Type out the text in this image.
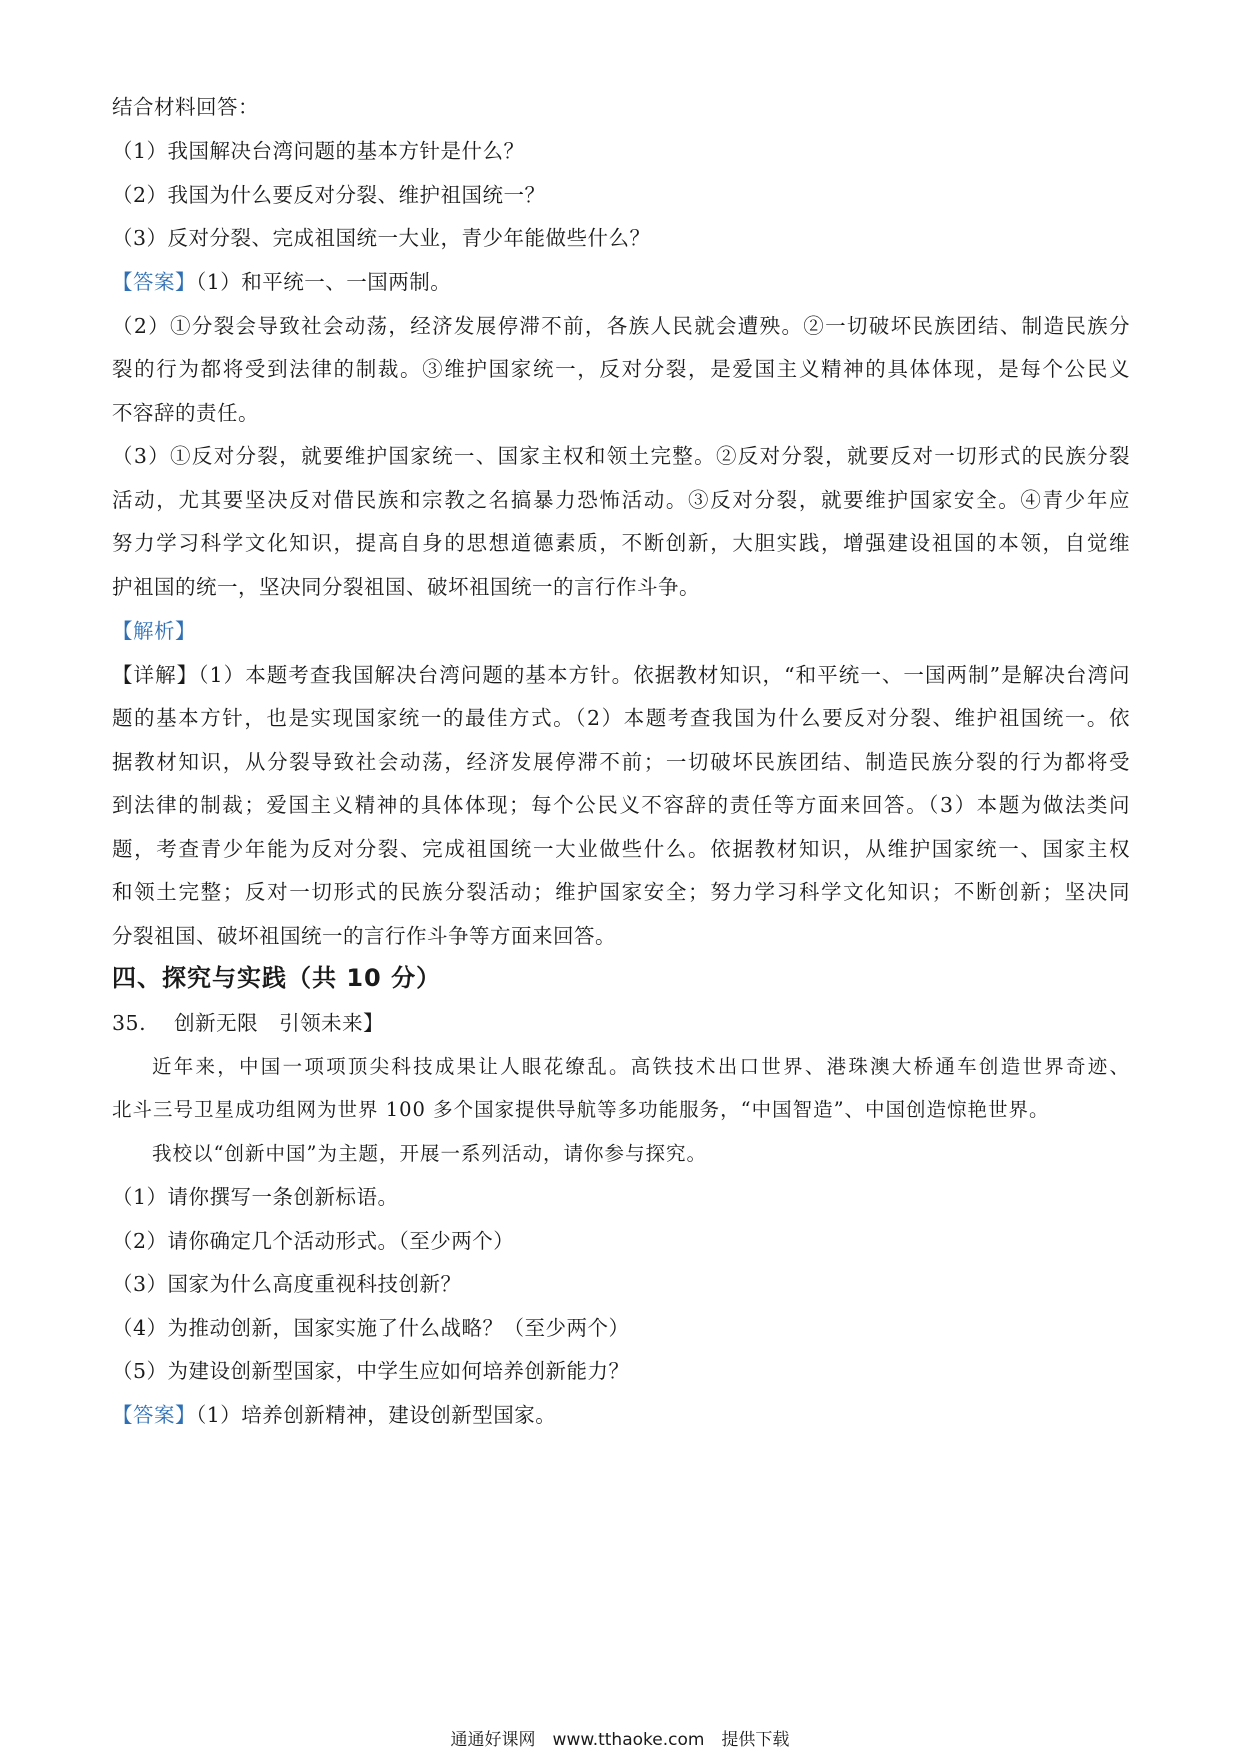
结合材料回答：
（1）我国解决台湾问题的基本方针是什么？
（2）我国为什么要反对分裂、维护祖国统一？
（3）反对分裂、完成祖国统一大业，青少年能做些什么？
【答案】（1）和平统一、一国两制。
（2）①分裂会导致社会动荡，经济发展停滞不前，各族人民就会遭殃。②一切破坏民族团结、制造民族分
裂的行为都将受到法律的制裁。③维护国家统一，反对分裂，是爱国主义精神的具体体现，是每个公民义
不容辞的责任。
（3）①反对分裂，就要维护国家统一、国家主权和领土完整。②反对分裂，就要反对一切形式的民族分裂
活动，尤其要坚决反对借民族和宗教之名搞暴力恐怖活动。③反对分裂，就要维护国家安全。④青少年应
努力学习科学文化知识，提高自身的思想道德素质，不断创新，大胆实践，增强建设祖国的本领，自觉维
护祖国的统一，坚决同分裂祖国、破坏祖国统一的言行作斗争。
【解析】
【详解】（1）本题考查我国解决台湾问题的基本方针。依据教材知识，“和平统一、一国两制”是解决台湾问
题的基本方针，也是实现国家统一的最佳方式。（2）本题考查我国为什么要反对分裂、维护祖国统一。依
据教材知识，从分裂导致社会动荡，经济发展停滞不前；一切破坏民族团结、制造民族分裂的行为都将受
到法律的制裁；爱国主义精神的具体体现；每个公民义不容辞的责任等方面来回答。（3）本题为做法类问
题，考查青少年能为反对分裂、完成祖国统一大业做些什么。依据教材知识，从维护国家统一、国家主权
和领土完整；反对一切形式的民族分裂活动；维护国家安全；努力学习科学文化知识；不断创新；坚决同
分裂祖国、破坏祖国统一的言行作斗争等方面来回答。
四、探究与实践（共 10 分）
35.　 创新无限　引领未来】
近年来，中国一项项顶尖科技成果让人眼花缭乱。高铁技术出口世界、港珠澳大桥通车创造世界奇迹、
北斗三号卫星成功组网为世界 100 多个国家提供导航等多功能服务，“中国智造”、中国创造惊艳世界。
我校以“创新中国”为主题，开展一系列活动，请你参与探究。
（1）请你撰写一条创新标语。
（2）请你确定几个活动形式。（至少两个）
（3）国家为什么高度重视科技创新？
（4）为推动创新，国家实施了什么战略？（至少两个）
（5）为建设创新型国家，中学生应如何培养创新能力？
【答案】（1）培养创新精神，建设创新型国家。
通通好课网　www.tthaoke.com　提供下载
